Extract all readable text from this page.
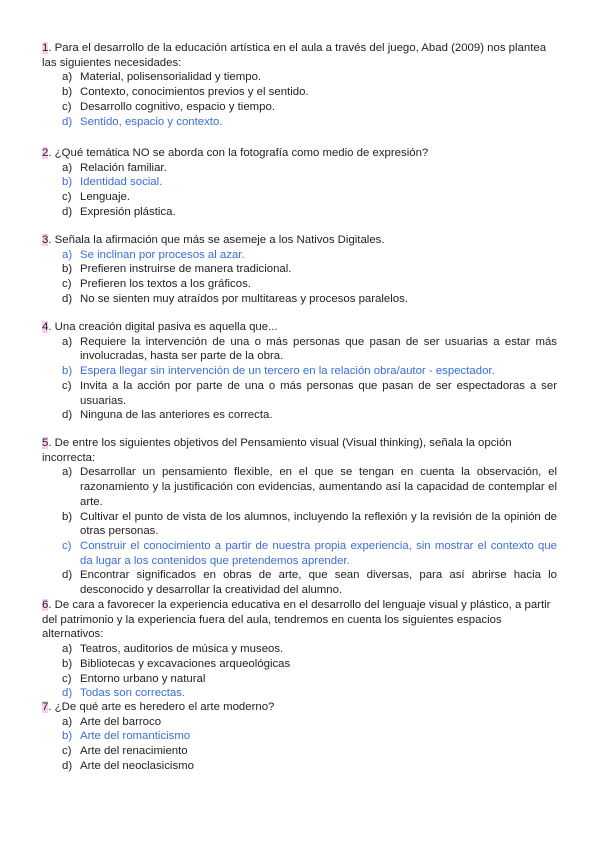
1. Para el desarrollo de la educación artística en el aula a través del juego, Abad (2009) nos plantea las siguientes necesidades:
a) Material, polisensorialidad y tiempo.
b) Contexto, conocimientos previos y el sentido.
c) Desarrollo cognitivo, espacio y tiempo.
d) Sentido, espacio y contexto.
2. ¿Qué temática NO se aborda con la fotografía como medio de expresión?
a) Relación familiar.
b) Identidad social.
c) Lenguaje.
d) Expresión plástica.
3. Señala la afirmación que más se asemeje a los Nativos Digitales.
a) Se inclinan por procesos al azar.
b) Prefieren instruirse de manera tradicional.
c) Prefieren los textos a los gráficos.
d) No se sienten muy atraídos por multitareas y procesos paralelos.
4. Una creación digital pasiva es aquella que...
a) Requiere la intervención de una o más personas que pasan de ser usuarias a estar más involucradas, hasta ser parte de la obra.
b) Espera llegar sin intervención de un tercero en la relación obra/autor - espectador.
c) Invita a la acción por parte de una o más personas que pasan de ser espectadoras a ser usuarias.
d) Ninguna de las anteriores es correcta.
5. De entre los siguientes objetivos del Pensamiento visual (Visual thinking), señala la opción incorrecta:
a) Desarrollar un pensamiento flexible, en el que se tengan en cuenta la observación, el razonamiento y la justificación con evidencias, aumentando así la capacidad de contemplar el arte.
b) Cultivar el punto de vista de los alumnos, incluyendo la reflexión y la revisión de la opinión de otras personas.
c) Construir el conocimiento a partir de nuestra propia experiencia, sin mostrar el contexto que da lugar a los contenidos que pretendemos aprender.
d) Encontrar significados en obras de arte, que sean diversas, para así abrirse hacia lo desconocido y desarrollar la creatividad del alumno.
6. De cara a favorecer la experiencia educativa en el desarrollo del lenguaje visual y plástico, a partir del patrimonio y la experiencia fuera del aula, tendremos en cuenta los siguientes espacios alternativos:
a) Teatros, auditorios de música y museos.
b) Bibliotecas y excavaciones arqueológicas
c) Entorno urbano y natural
d) Todas son correctas.
7. ¿De qué arte es heredero el arte moderno?
a) Arte del barroco
b) Arte del romanticismo
c) Arte del renacimiento
d) Arte del neoclasicismo
